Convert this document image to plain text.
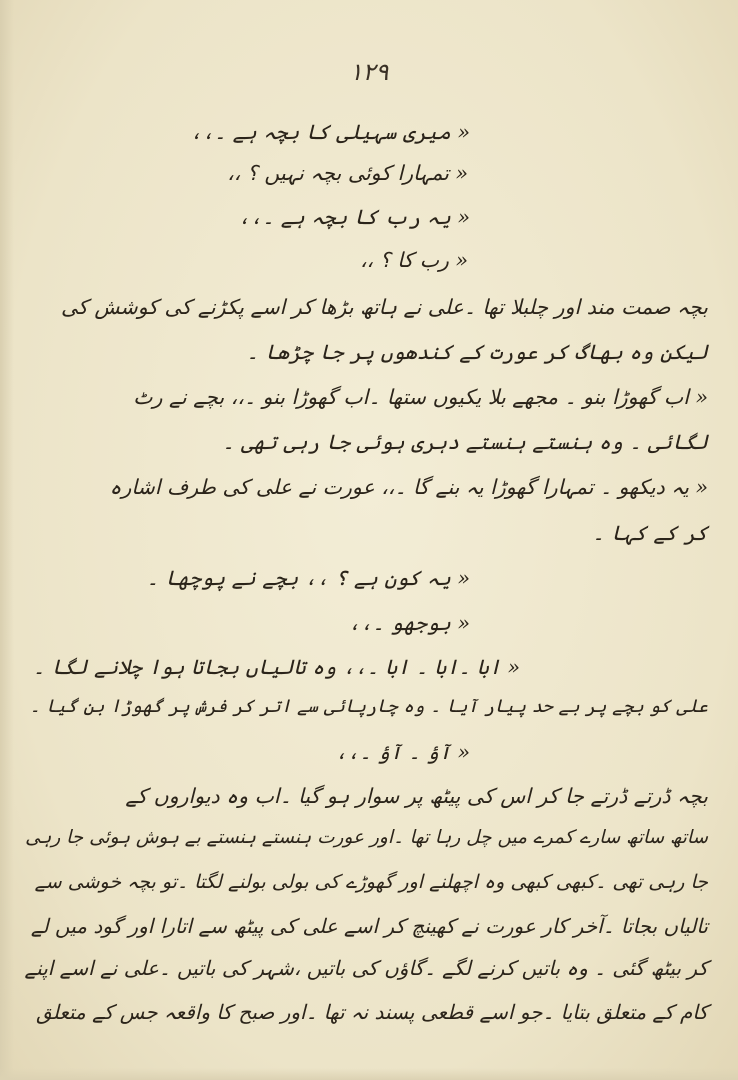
۱۲۹
« میری سہیلی کا بچہ ہے ۔،،
« تمہارا کوئی بچہ نہیں ؟ ،،
« یہ رب کا بچہ ہے ۔،،
« رب کا ؟ ،،
بچہ صمت مند اور چلبلا تھا ۔علی نے ہاتھ بڑھا کر اسے پکڑنے کی کوشش کی
لیکن وہ بھاگ کر عورت کے کندھوں پر جا چڑھا ۔
« اب گھوڑا بنو ۔ مجھے بلا یکیوں ستھا ۔اب گھوڑا بنو ۔،، بچے نے رٹ
لگائی ۔ وہ ہنستے ہنستے دہری ہوئی جا رہی تھی ۔
« یہ دیکھو ۔ تمہارا گھوڑا یہ بنے گا ۔،، عورت نے علی کی طرف اشارہ
کر کے کہا ۔
« یہ کون ہے ؟ ،، بچے نے پوچھا ۔
« بوجھو ۔،،
« ابا ۔ابا ۔ ابا ۔،، وہ تالیاں بجاتا ہوا چلانے لگا ۔
علی کو بچے پر بے حد پیار آیا ۔ وہ چارپائی سے اتر کر فرش پر گھوڑا بن گیا ۔
« آؤ ۔ آؤ ۔،،
بچہ ڈرتے ڈرتے جا کر اس کی پیٹھ پر سوار ہو گیا ۔اب وہ دیواروں کے
ساتھ ساتھ سارے کمرے میں چل رہا تھا ۔اور عورت ہنستے ہنستے بے ہوش ہوئی جا رہی
جا رہی تھی ۔کبھی کبھی وہ اچھلنے اور گھوڑے کی بولی بولنے لگتا ۔تو بچہ خوشی سے
تالیاں بجاتا ۔آخر کار عورت نے کھینچ کر اسے علی کی پیٹھ سے اتارا اور گود میں لے
کر بیٹھ گئی ۔ وہ باتیں کرنے لگے ۔گاؤں کی باتیں ،شہر کی باتیں ۔علی نے اسے اپنے
کام کے متعلق بتایا ۔جو اسے قطعی پسند نہ تھا ۔اور صبح کا واقعہ جس کے متعلق
